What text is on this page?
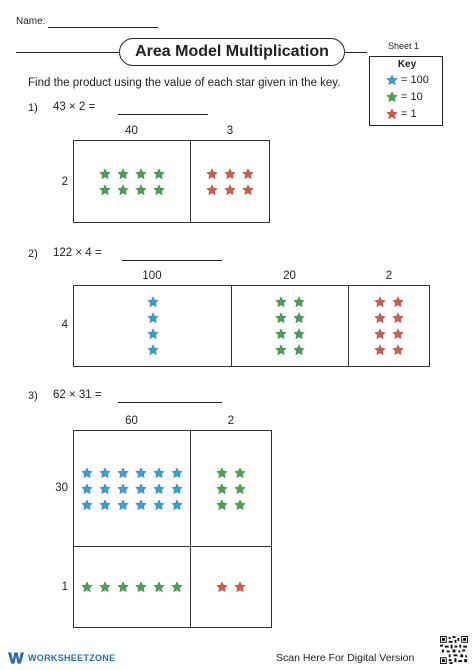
Name:
Area Model Multiplication	Sheet 1
Key
= 100
= 10
= 1
Find the product using the value of each star given in the key.
1) 43 × 2 =
40	3
2
2) 122 × 4 =
100	20	2
4
3) 62 × 31 =
60	2
30
1
WORKSHEETZONE	Scan Here For Digital Version
